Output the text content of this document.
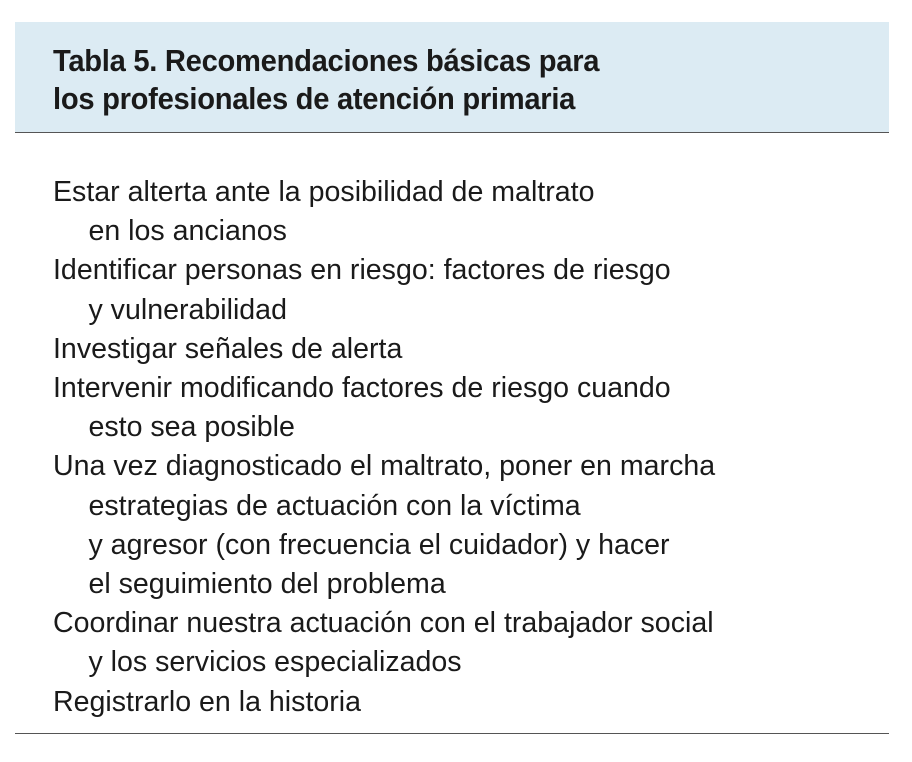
Tabla 5. Recomendaciones básicas para
los profesionales de atención primaria
Estar alterta ante la posibilidad de maltrato
en los ancianos
Identificar personas en riesgo: factores de riesgo
y vulnerabilidad
Investigar señales de alerta
Intervenir modificando factores de riesgo cuando
esto sea posible
Una vez diagnosticado el maltrato, poner en marcha
estrategias de actuación con la víctima
y agresor (con frecuencia el cuidador) y hacer
el seguimiento del problema
Coordinar nuestra actuación con el trabajador social
y los servicios especializados
Registrarlo en la historia
